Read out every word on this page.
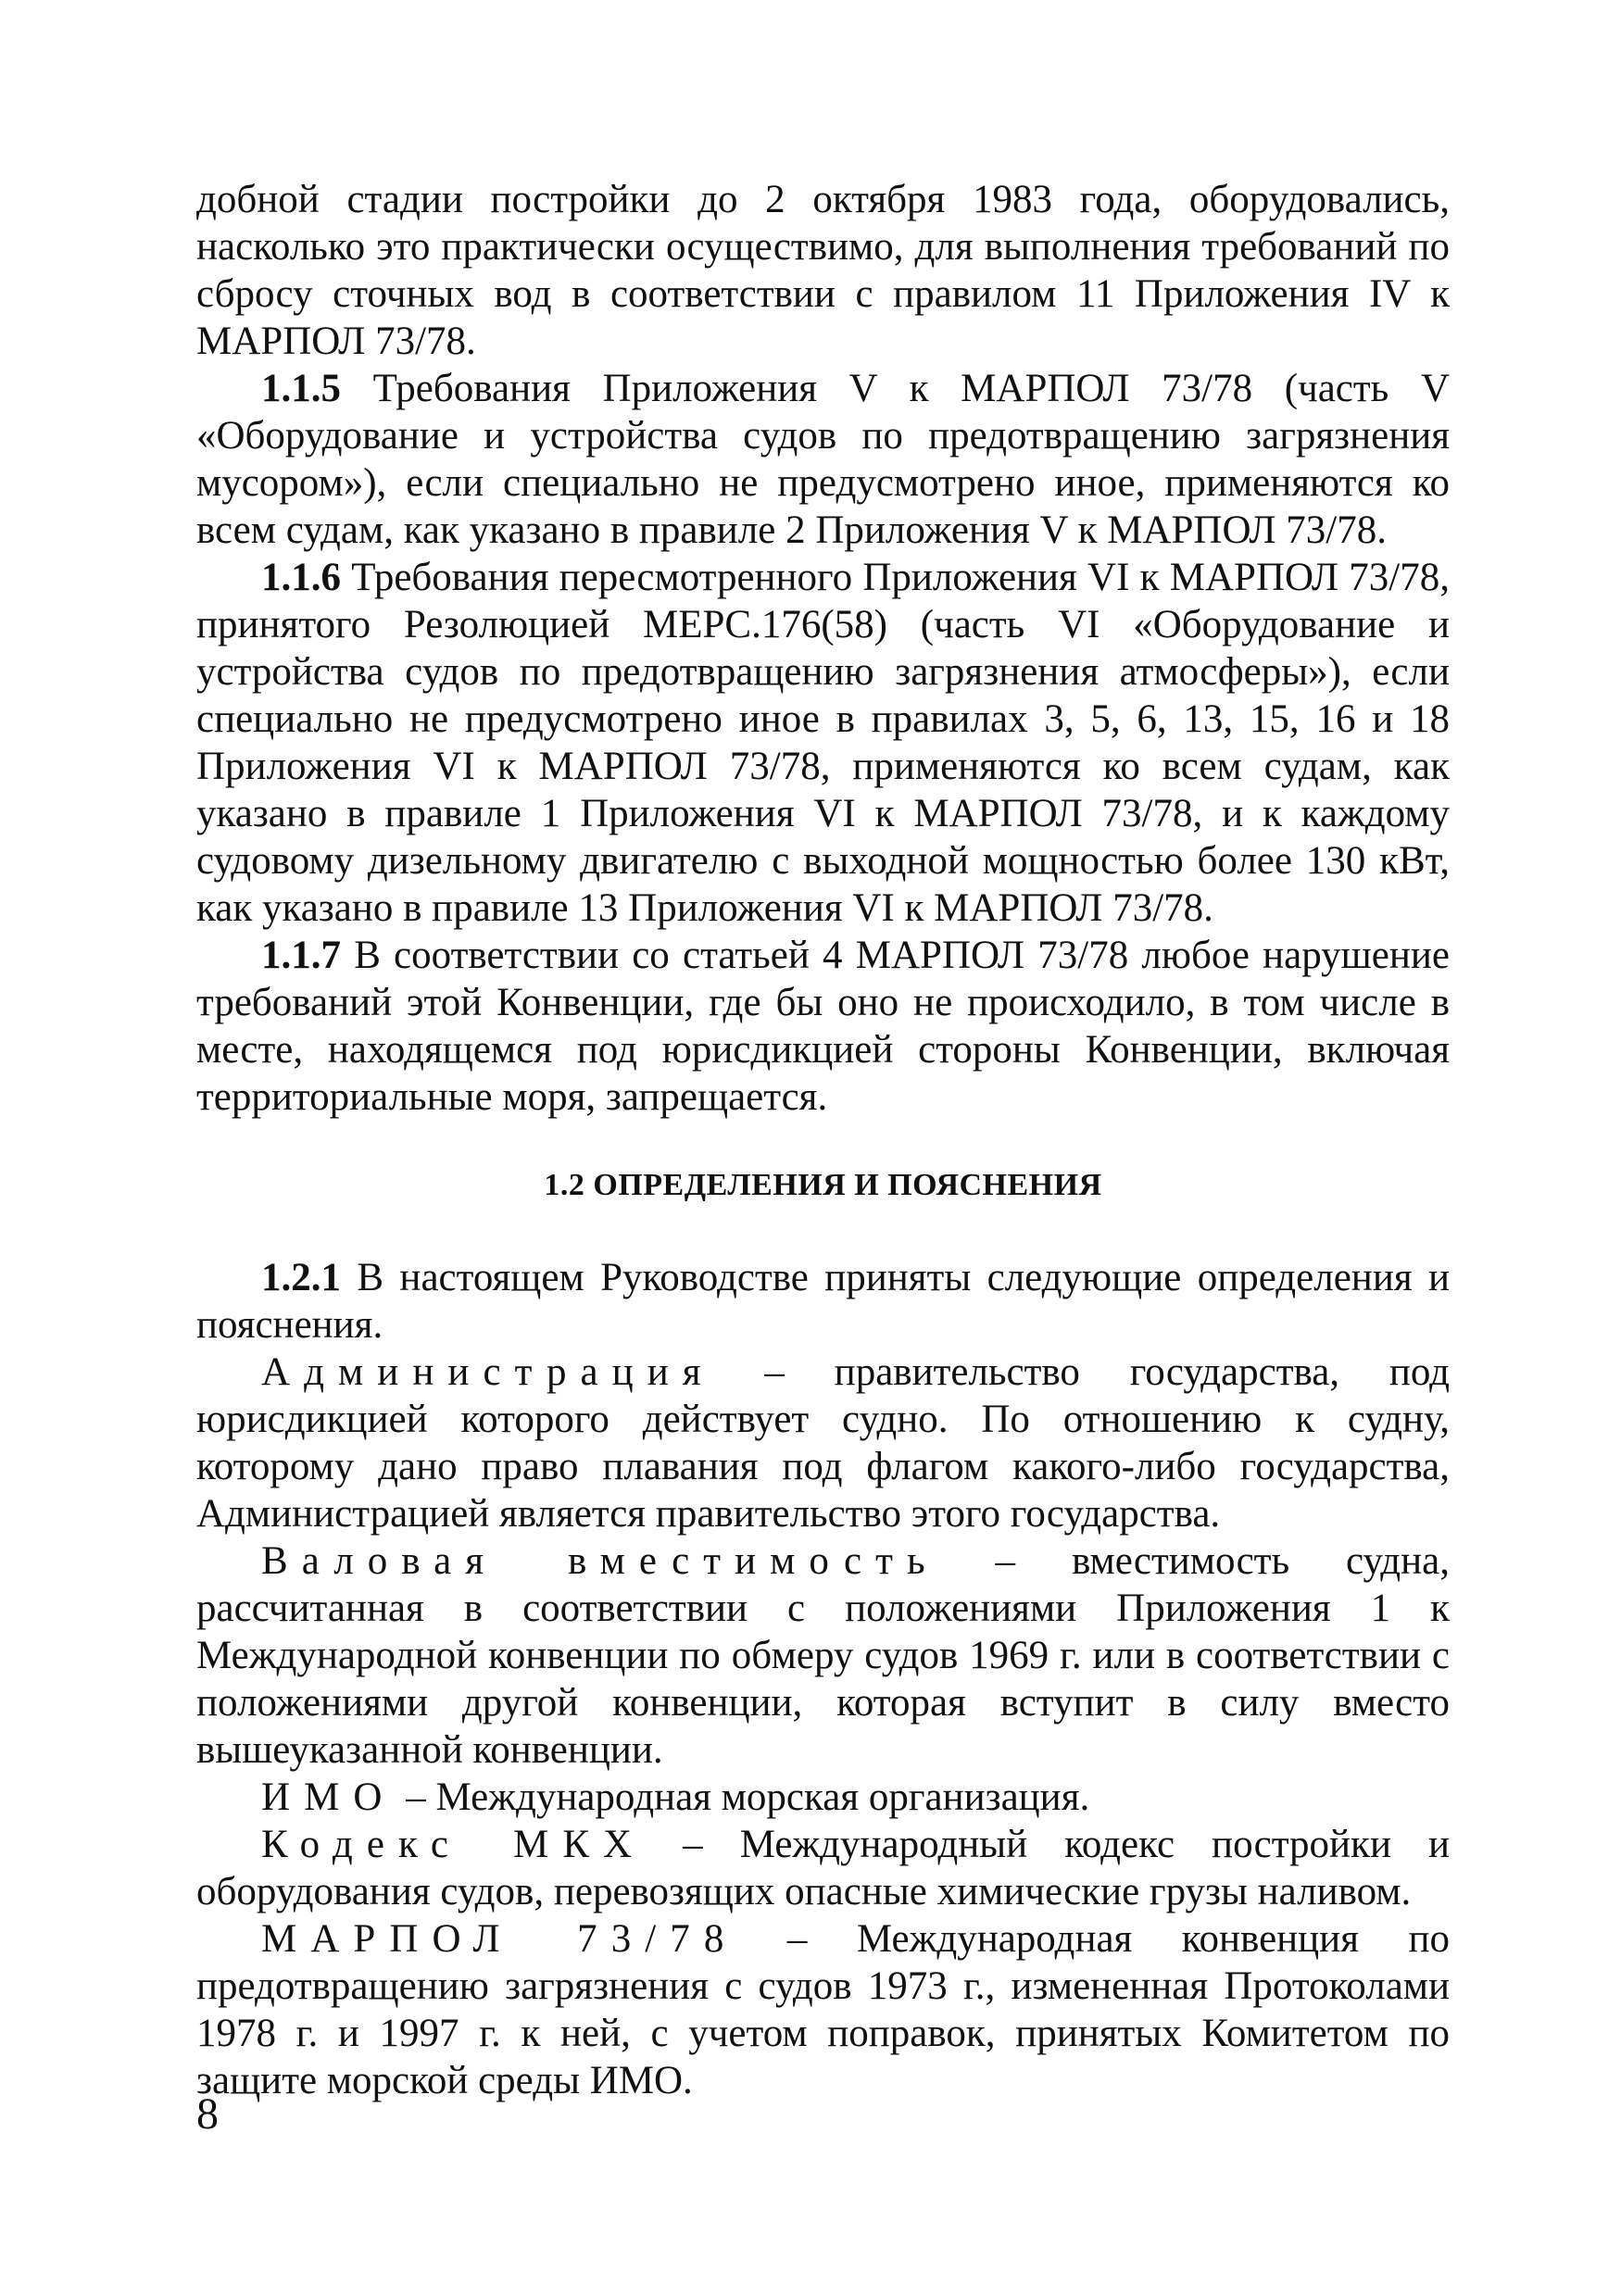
добной стадии постройки до 2 октября 1983 года, оборудовались, насколько это практически осуществимо, для выполнения требований по сбросу сточных вод в соответствии с правилом 11 Приложения IV к МАРПОЛ 73/78.

1.1.5 Требования Приложения V к МАРПОЛ 73/78 (часть V «Оборудование и устройства судов по предотвращению загрязнения мусором»), если специально не предусмотрено иное, применяются ко всем судам, как указано в правиле 2 Приложения V к МАРПОЛ 73/78.

1.1.6 Требования пересмотренного Приложения VI к МАРПОЛ 73/78, принятого Резолюцией MEPC.176(58) (часть VI «Оборудование и устройства судов по предотвращению загрязнения атмосферы»), если специально не предусмотрено иное в правилах 3, 5, 6, 13, 15, 16 и 18 Приложения VI к МАРПОЛ 73/78, применяются ко всем судам, как указано в правиле 1 Приложения VI к МАРПОЛ 73/78, и к каждому судовому дизельному двигателю с выходной мощностью более 130 кВт, как указано в правиле 13 Приложения VI к МАРПОЛ 73/78.

1.1.7 В соответствии со статьей 4 МАРПОЛ 73/78 любое нарушение требований этой Конвенции, где бы оно не происходило, в том числе в месте, находящемся под юрисдикцией стороны Конвенции, включая территориальные моря, запрещается.

1.2 ОПРЕДЕЛЕНИЯ И ПОЯСНЕНИЯ

1.2.1 В настоящем Руководстве приняты следующие определения и пояснения.

Администрация – правительство государства, под юрисдикцией которого действует судно. По отношению к судну, которому дано право плавания под флагом какого-либо государства, Администрацией является правительство этого государства.

Валовая вместимость – вместимость судна, рассчитанная в соответствии с положениями Приложения 1 к Международной конвенции по обмеру судов 1969 г. или в соответствии с положениями другой конвенции, которая вступит в силу вместо вышеуказанной конвенции.

ИМО – Международная морская организация.

Кодекс МКХ – Международный кодекс постройки и оборудования судов, перевозящих опасные химические грузы наливом.

МАРПОЛ 73/78 – Международная конвенция по предотвращению загрязнения с судов 1973 г., измененная Протоколами 1978 г. и 1997 г. к ней, с учетом поправок, принятых Комитетом по защите морской среды ИМО.

8
